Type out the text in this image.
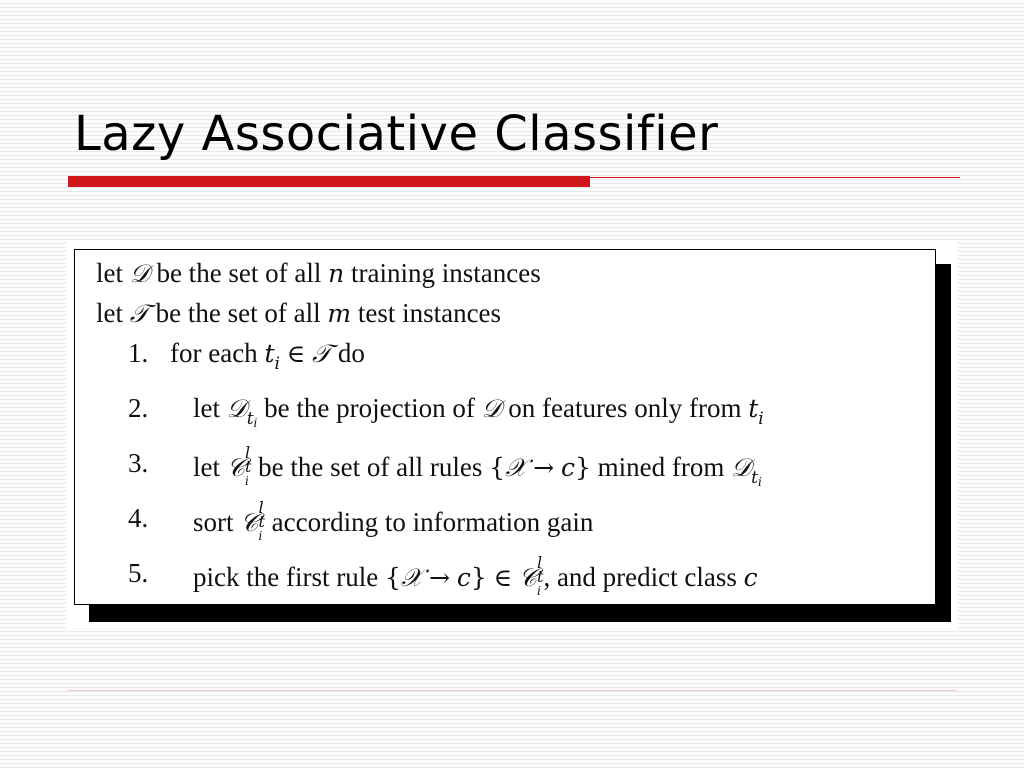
Lazy Associative Classifier
let 𝒟 be the set of all n training instances
let 𝒯 be the set of all m test instances
1. for each $t_i$ ∈ 𝒯 do
2. let 𝒟$_{ti}$ be the projection of 𝒟 on features only from $t_i$
3. let 𝒞
l
t
i be the set of all rules {𝒳 → c} mined from 𝒟$_{ti}$
4. sort 𝒞
l
t
i according to information gain
5. pick the first rule {𝒳 → c} ∈ 𝒞
l
t
i , and predict class c
